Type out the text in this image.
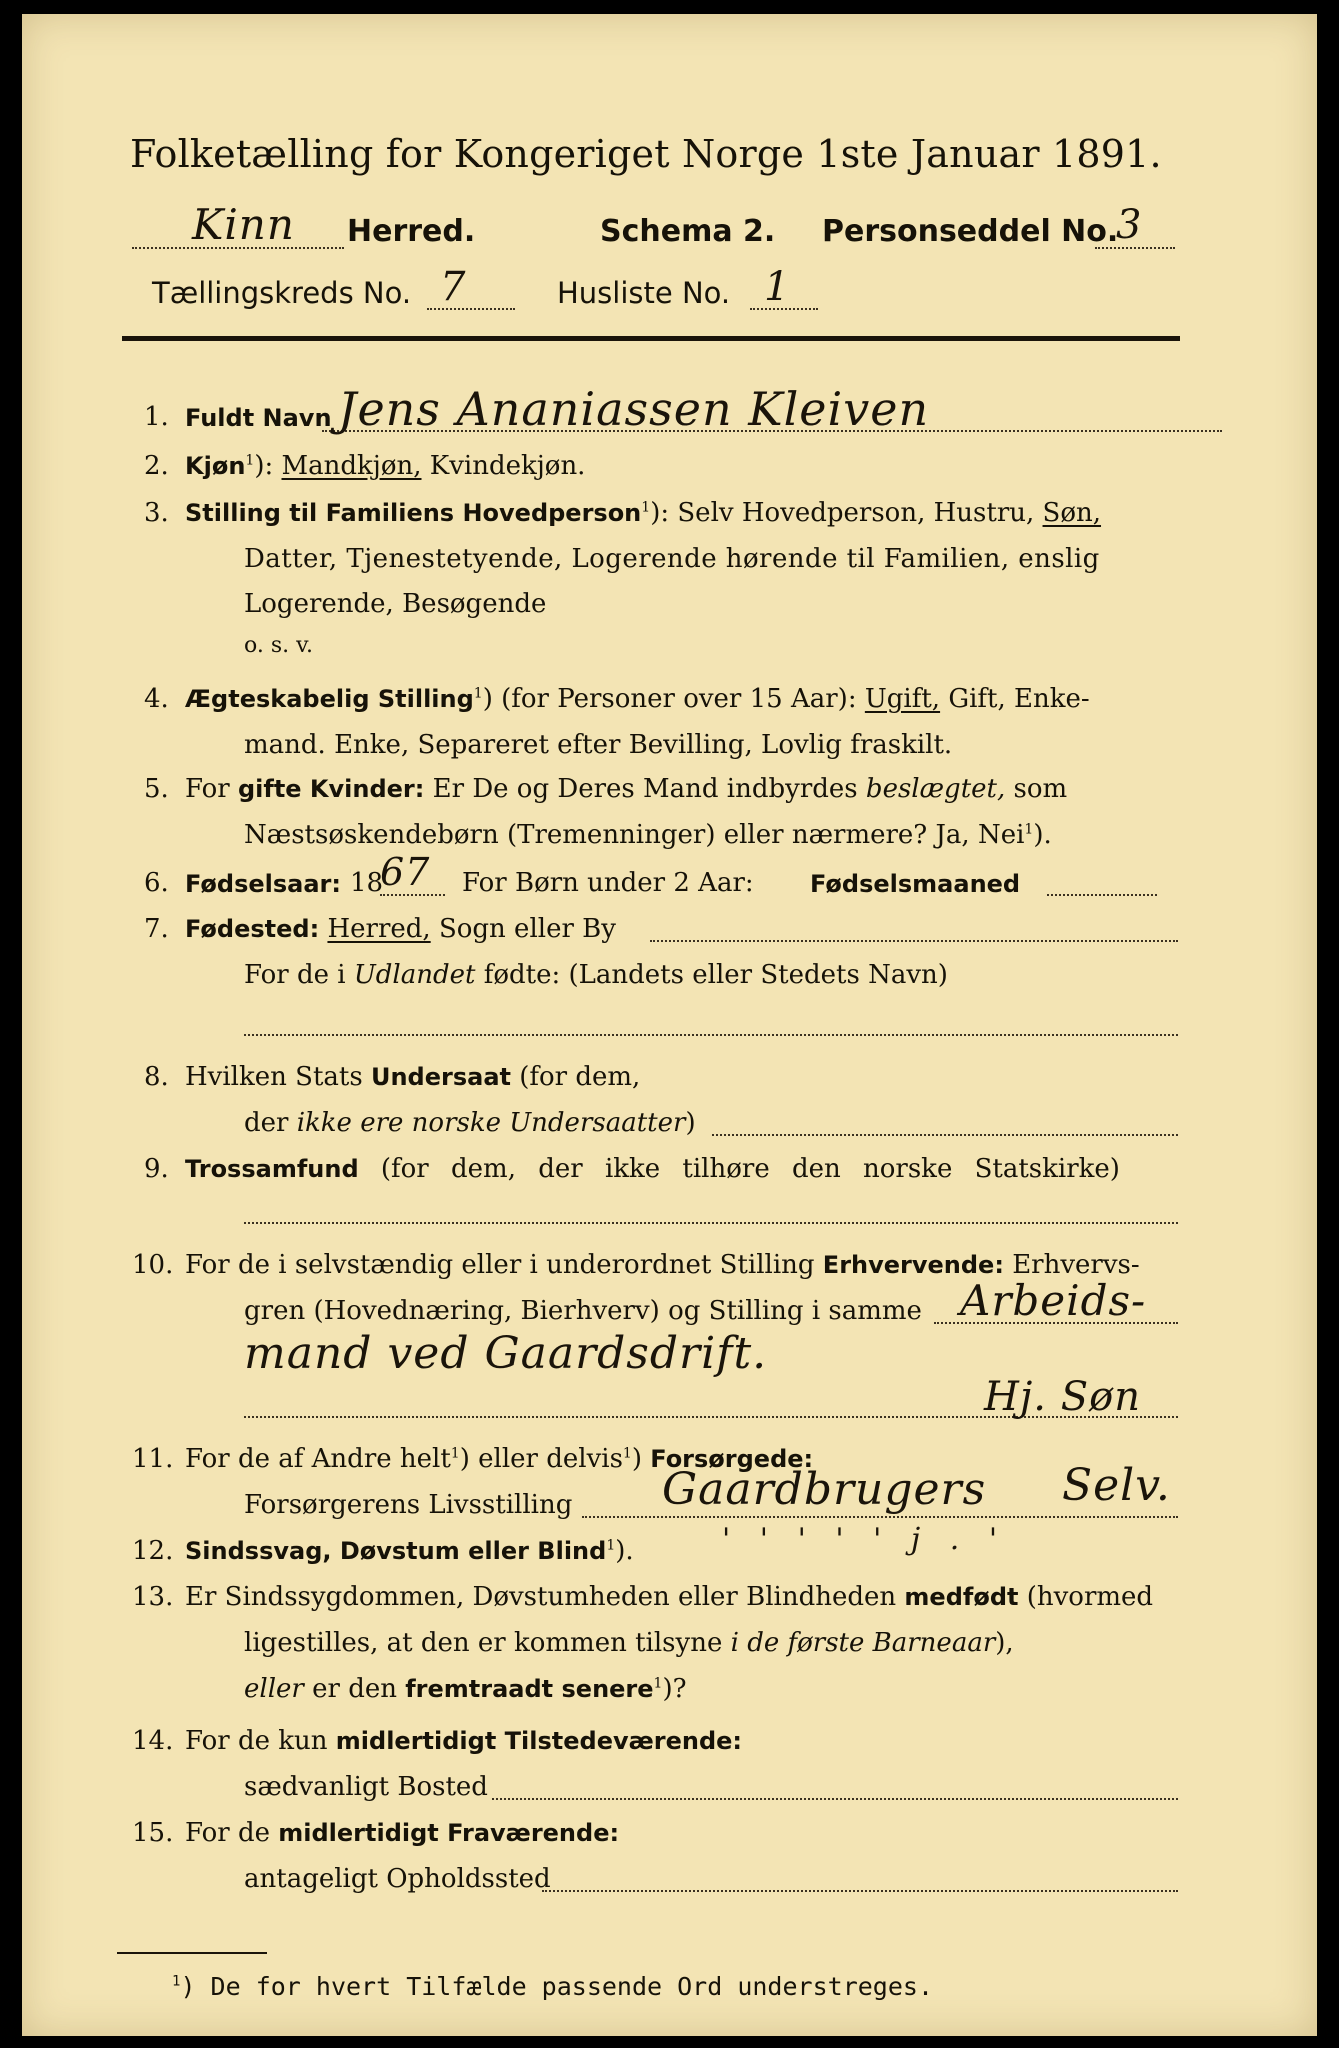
Folketælling for Kongeriget Norge 1ste Januar 1891.
Kinn Herred.	Schema 2. Personseddel No.
3
Tællingskreds No. 7	Husliste No. 1
1. Fuldt Navn Jens Ananiassen Kleiven
2. Kjøn$^1$): Mandkjøn, Kvindekjøn.
3. Stilling til Familiens Hovedperson$^1$): Selv Hovedperson, Hustru, Søn,
Datter, Tjenestetyende, Logerende hørende til Familien, enslig
Logerende, Besøgende
o. s. v.
4. Ægteskabelig Stilling$^1$) (for Personer over 15 Aar): Ugift, Gift, Enke-
mand. Enke, Separeret efter Bevilling, Lovlig fraskilt.
5. For gifte Kvinder: Er De og Deres Mand indbyrdes beslægtet, som
Næstsøskendebørn (Tremenninger) eller nærmere? Ja, Nei$^1$).
6. Fødselsaar: 18
67 For Børn under 2 Aar: Fødselsmaaned
7. Fødested: Herred, Sogn eller By
For de i Udlandet fødte: (Landets eller Stedets Navn)
8. Hvilken Stats Undersaat (for dem,
der ikke ere norske Undersaatter)
9. Trossamfund (for dem, der ikke tilhøre den norske Statskirke)
10. For de i selvstændig eller i underordnet Stilling Erhvervende: Erhvervs-
gren (Hovednæring, Bierhverv) og Stilling i samme Arbeids-
mand ved Gaardsdrift.
Hj. Søn
11. For de af Andre helt$^1$) eller delvis$^1$) Forsørgede:
Forsørgerens Livsstilling Gaardbrugers Selv.
12. Sindssvag, Døvstum eller Blind$^1$).	' ' ' ' ' j . '
13. Er Sindssygdommen, Døvstumheden eller Blindheden medfødt (hvormed
ligestilles, at den er kommen tilsyne i de første Barneaar),
eller er den fremtraadt senere$^1$)?
14. For de kun midlertidigt Tilstedeværende:
sædvanligt Bosted
15. For de midlertidigt Fraværende:
antageligt Opholdssted
$^1$) De for hvert Tilfælde passende Ord understreges.
